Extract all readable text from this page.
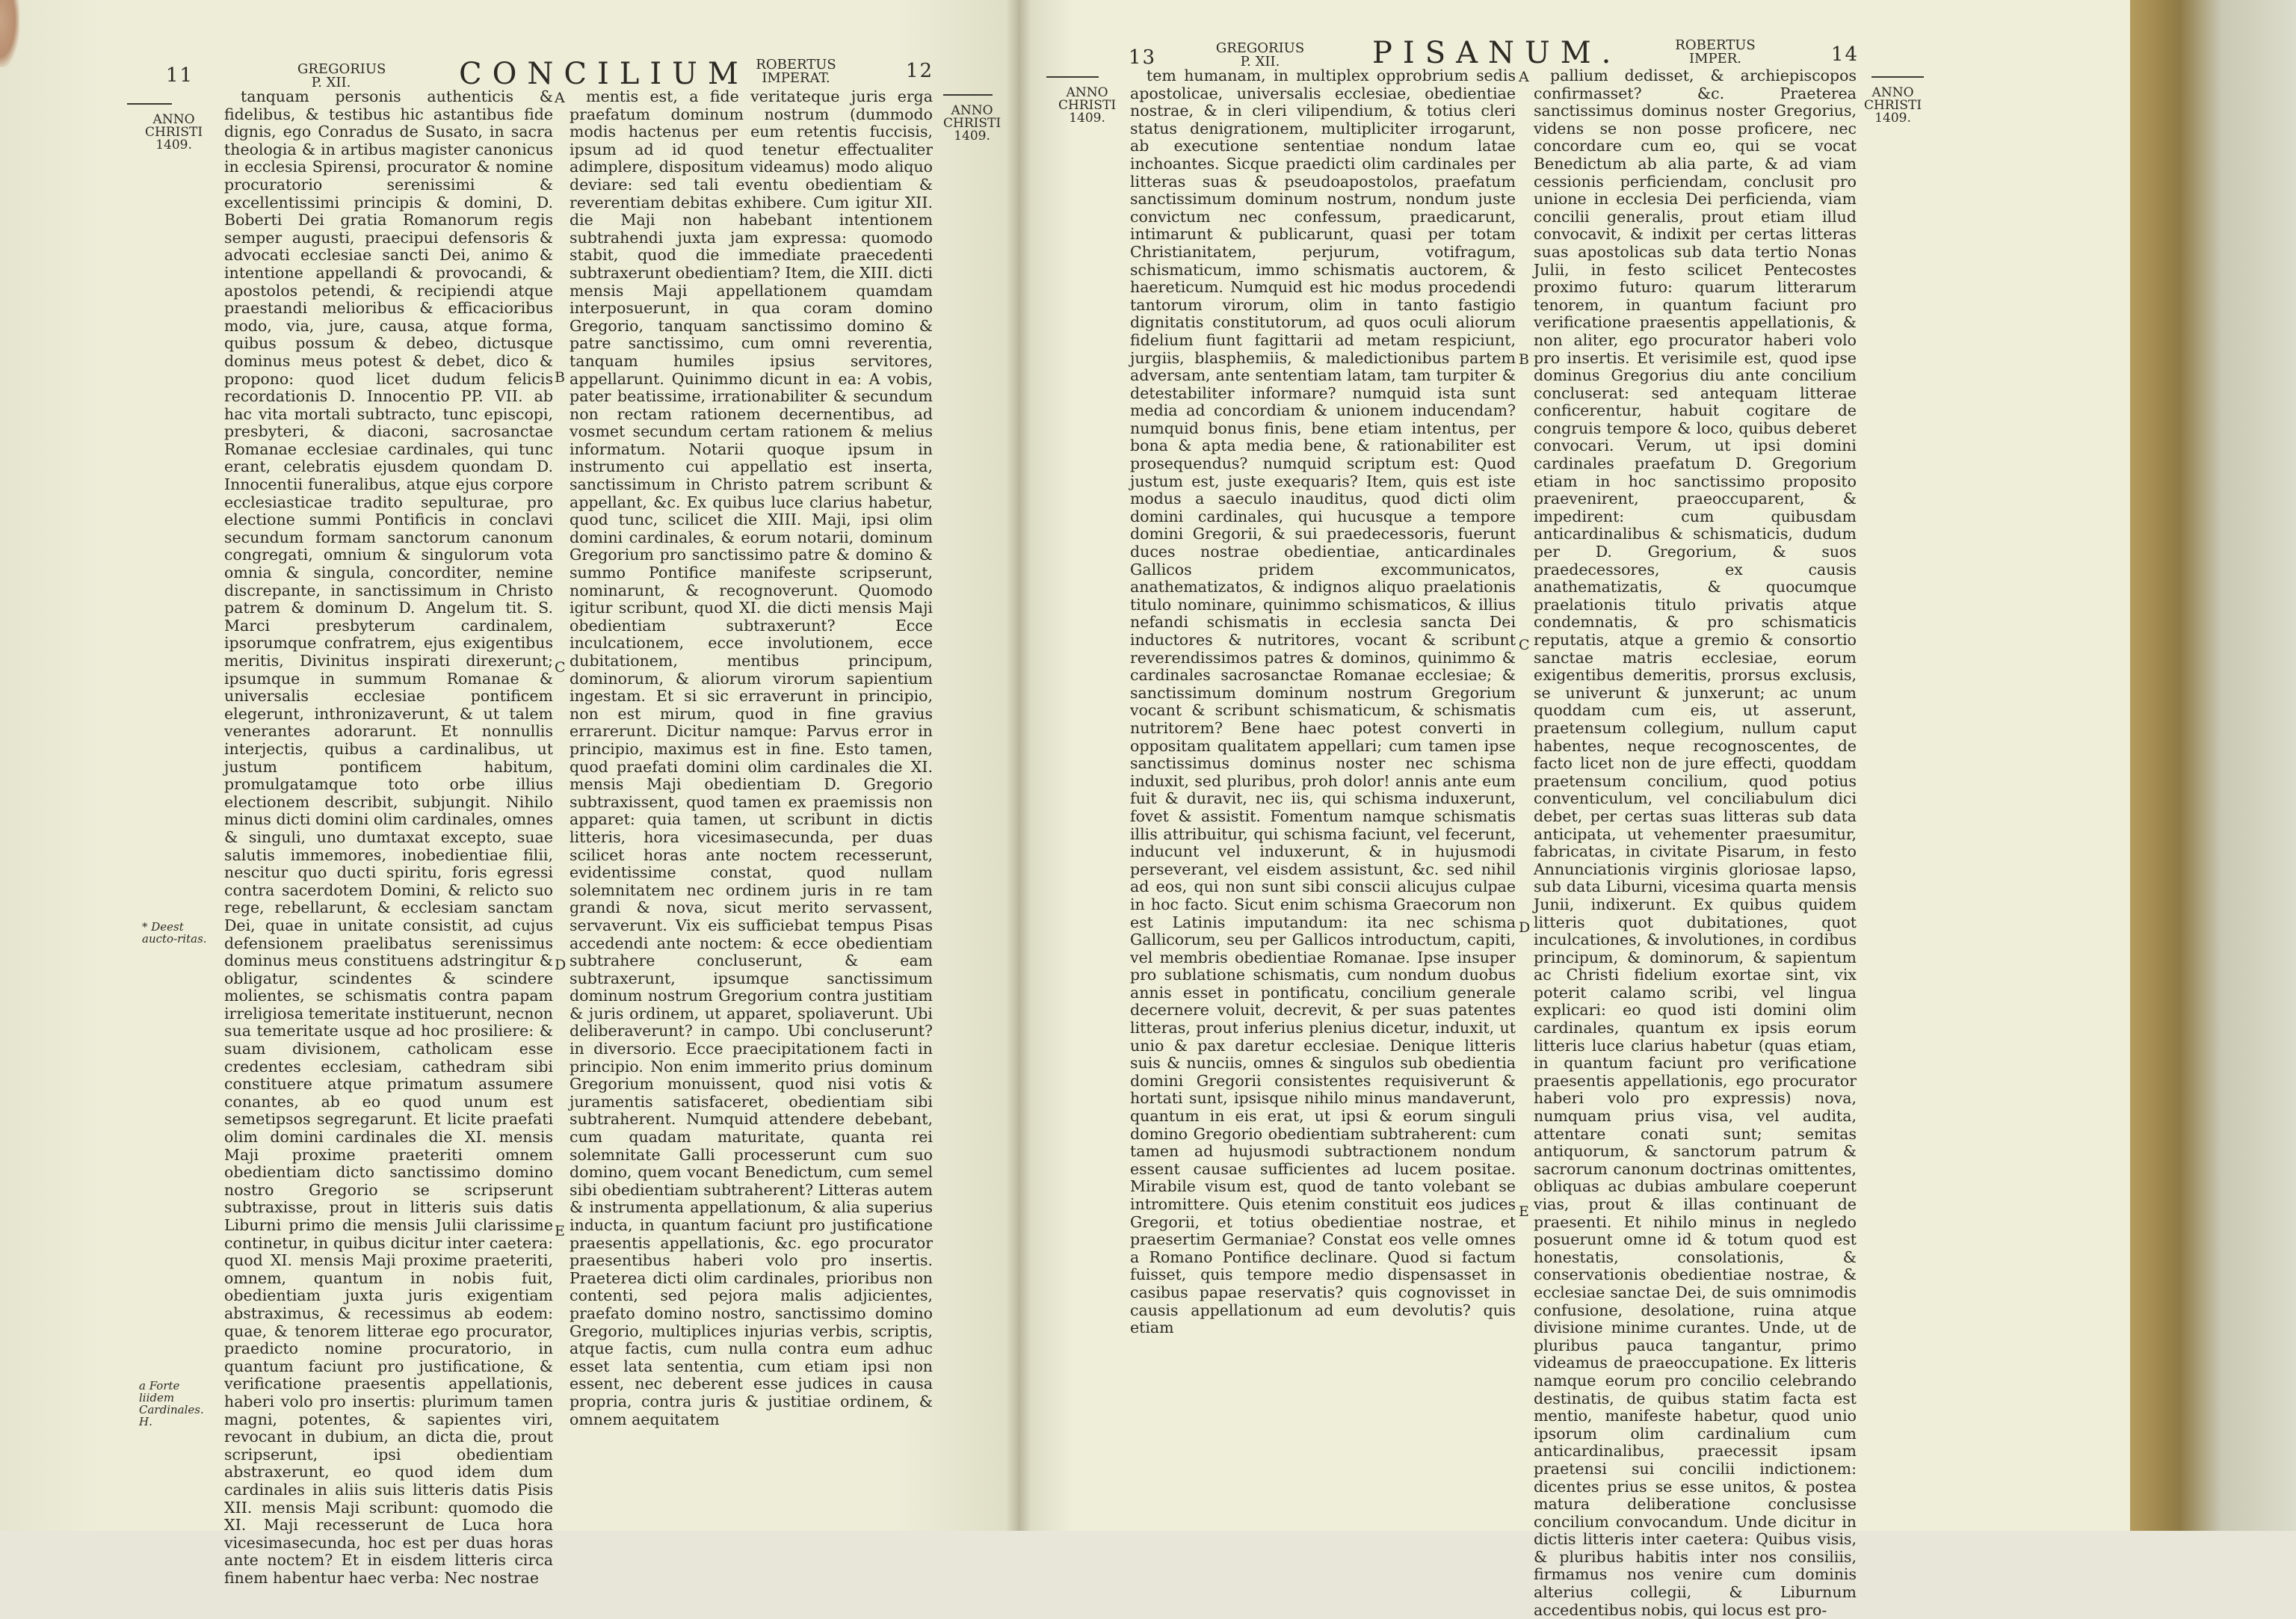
11	GREGORIUS
P. XII.	CONCILIUM ROBERTUS
IMPERAT.	12
ANNO
CHRISTI
1409.
ANNO
CHRISTI
1409.
* Deest aucto-ritas.
a Forte liidem Cardinales. H.
A
B
C
D
E

tanquam personis authenticis & fidelibus, & testibus hic astantibus fide dignis, ego Conradus de Susato, in sacra theologia & in artibus magister canonicus in ecclesia Spirensi, procurator & nomine procuratorio serenissimi & excellentissimi principis & domini, D. Boberti Dei gratia Romanorum regis semper augusti, praecipui defensoris & advocati ecclesiae sancti Dei, animo & intentione appellandi & provocandi, & apostolos petendi, & recipiendi atque praestandi melioribus & efficacioribus modo, via, jure, causa, atque forma, quibus possum & debeo, dictusque dominus meus potest & debet, dico & propono: quod licet dudum felicis recordationis D. Innocentio PP. VII. ab hac vita mortali subtracto, tunc episcopi, presbyteri, & diaconi, sacrosanctae Romanae ecclesiae cardinales, qui tunc erant, celebratis ejusdem quondam D. Innocentii funeralibus, atque ejus corpore ecclesiasticae tradito sepulturae, pro electione summi Pontificis in conclavi secundum formam sanctorum canonum congregati, omnium & singulorum vota omnia & singula, concorditer, nemine discrepante, in sanctissimum in Christo patrem & dominum D. Angelum tit. S. Marci presbyterum cardinalem, ipsorumque confratrem, ejus exigentibus meritis, Divinitus inspirati direxerunt; ipsumque in summum Romanae & universalis ecclesiae pontificem elegerunt, inthronizaverunt, & ut talem venerantes adorarunt. Et nonnullis interjectis, quibus a cardinalibus, ut justum pontificem habitum, promulgatamque toto orbe illius electionem describit, subjungit. Nihilo minus dicti domini olim cardinales, omnes & singuli, uno dumtaxat excepto, suae salutis immemores, inobedientiae filii, nescitur quo ducti spiritu, foris egressi contra sacerdotem Domini, & relicto suo rege, rebellarunt, & ecclesiam sanctam Dei, quae in unitate consistit, ad cujus defensionem praelibatus serenissimus dominus meus constituens adstringitur & obligatur, scindentes & scindere molientes, se schismatis contra papam irreligiosa temeritate instituerunt, necnon sua temeritate usque ad hoc prosiliere: & suam divisionem, catholicam esse credentes ecclesiam, cathedram sibi constituere atque primatum assumere conantes, ab eo quod unum est semetipsos segregarunt. Et licite praefati olim domini cardinales die XI. mensis Maji proxime praeteriti omnem obedientiam dicto sanctissimo domino nostro Gregorio se scripserunt subtraxisse, prout in litteris suis datis Liburni primo die mensis Julii clarissime continetur, in quibus dicitur inter caetera: quod XI. mensis Maji proxime praeteriti, omnem, quantum in nobis fuit, obedientiam juxta juris exigentiam abstraximus, & recessimus ab eodem: quae, & tenorem litterae ego procurator, praedicto nomine procuratorio, in quantum faciunt pro justificatione, & verificatione praesentis appellationis, haberi volo pro insertis: plurimum tamen magni, potentes, & sapientes viri, revocant in dubium, an dicta die, prout scripserunt, ipsi obedientiam abstraxerunt, eo quod idem dum cardinales in aliis suis litteris datis Pisis XII. mensis Maji scribunt: quomodo die XI. Maji recesserunt de Luca hora vicesimasecunda, hoc est per duas horas ante noctem? Et in eisdem litteris circa finem habentur haec verba: Nec nostrae

mentis est, a fide veritateque juris erga praefatum dominum nostrum (dummodo modis hactenus per eum retentis fuccisis, ipsum ad id quod tenetur effectualiter adimplere, dispositum videamus) modo aliquo deviare: sed tali eventu obedientiam & reverentiam debitas exhibere. Cum igitur XII. die Maji non habebant intentionem subtrahendi juxta jam expressa: quomodo stabit, quod die immediate praecedenti subtraxerunt obedientiam? Item, die XIII. dicti mensis Maji appellationem quamdam interposuerunt, in qua coram domino Gregorio, tanquam sanctissimo domino & patre sanctissimo, cum omni reverentia, tanquam humiles ipsius servitores, appellarunt. Quinimmo dicunt in ea: A vobis, pater beatissime, irrationabiliter & secundum non rectam rationem decernentibus, ad vosmet secundum certam rationem & melius informatum. Notarii quoque ipsum in instrumento cui appellatio est inserta, sanctissimum in Christo patrem scribunt & appellant, &c. Ex quibus luce clarius habetur, quod tunc, scilicet die XIII. Maji, ipsi olim domini cardinales, & eorum notarii, dominum Gregorium pro sanctissimo patre & domino & summo Pontifice manifeste scripserunt, nominarunt, & recognoverunt. Quomodo igitur scribunt, quod XI. die dicti mensis Maji obedientiam subtraxerunt? Ecce inculcationem, ecce involutionem, ecce dubitationem, mentibus principum, dominorum, & aliorum virorum sapientium ingestam. Et si sic erraverunt in principio, non est mirum, quod in fine gravius errarerunt. Dicitur namque: Parvus error in principio, maximus est in fine. Esto tamen, quod praefati domini olim cardinales die XI. mensis Maji obedientiam D. Gregorio subtraxissent, quod tamen ex praemissis non apparet: quia tamen, ut scribunt in dictis litteris, hora vicesimasecunda, per duas scilicet horas ante noctem recesserunt, evidentissime constat, quod nullam solemnitatem nec ordinem juris in re tam grandi & nova, sicut merito servassent, servaverunt. Vix eis sufficiebat tempus Pisas accedendi ante noctem: & ecce obedientiam subtrahere concluserunt, & eam subtraxerunt, ipsumque sanctissimum dominum nostrum Gregorium contra justitiam & juris ordinem, ut apparet, spoliaverunt. Ubi deliberaverunt? in campo. Ubi concluserunt? in diversorio. Ecce praecipitationem facti in principio. Non enim immerito prius dominum Gregorium monuissent, quod nisi votis & juramentis satisfaceret, obedientiam sibi subtraherent. Numquid attendere debebant, cum quadam maturitate, quanta rei solemnitate Galli processerunt cum suo domino, quem vocant Benedictum, cum semel sibi obedientiam subtraherent? Litteras autem & instrumenta appellationum, & alia superius inducta, in quantum faciunt pro justificatione praesentis appellationis, &c. ego procurator praesentibus haberi volo pro insertis. Praeterea dicti olim cardinales, prioribus non contenti, sed pejora malis adjicientes, praefato domino nostro, sanctissimo domino Gregorio, multiplices injurias verbis, scriptis, atque factis, cum nulla contra eum adhuc esset lata sententia, cum etiam ipsi non essent, nec deberent esse judices in causa propria, contra juris & justitiae ordinem, & omnem aequitatem

13	GREGORIUS
P. XII.	PISANUM.	ROBERTUS
IMPER.	14
ANNO
CHRISTI
1409.
ANNO
CHRISTI
1409.
A
B
C
D
E

tem humanam, in multiplex opprobrium sedis apostolicae, universalis ecclesiae, obedientiae nostrae, & in cleri vilipendium, & totius cleri status denigrationem, multipliciter irrogarunt, ab executione sententiae nondum latae inchoantes. Sicque praedicti olim cardinales per litteras suas & pseudoapostolos, praefatum sanctissimum dominum nostrum, nondum juste convictum nec confessum, praedicarunt, intimarunt & publicarunt, quasi per totam Christianitatem, perjurum, votifragum, schismaticum, immo schismatis auctorem, & haereticum. Numquid est hic modus procedendi tantorum virorum, olim in tanto fastigio dignitatis constitutorum, ad quos oculi aliorum fidelium fiunt fagittarii ad metam respiciunt, jurgiis, blasphemiis, & maledictionibus partem adversam, ante sententiam latam, tam turpiter & detestabiliter informare? numquid ista sunt media ad concordiam & unionem inducendam? numquid bonus finis, bene etiam intentus, per bona & apta media bene, & rationabiliter est prosequendus? numquid scriptum est: Quod justum est, juste exequaris? Item, quis est iste modus a saeculo inauditus, quod dicti olim domini cardinales, qui hucusque a tempore domini Gregorii, & sui praedecessoris, fuerunt duces nostrae obedientiae, anticardinales Gallicos pridem excommunicatos, anathematizatos, & indignos aliquo praelationis titulo nominare, quinimmo schismaticos, & illius nefandi schismatis in ecclesia sancta Dei inductores & nutritores, vocant & scribunt reverendissimos patres & dominos, quinimmo & cardinales sacrosanctae Romanae ecclesiae; & sanctissimum dominum nostrum Gregorium vocant & scribunt schismaticum, & schismatis nutritorem? Bene haec potest converti in oppositam qualitatem appellari; cum tamen ipse sanctissimus dominus noster nec schisma induxit, sed pluribus, proh dolor! annis ante eum fuit & duravit, nec iis, qui schisma induxerunt, fovet & assistit. Fomentum namque schismatis illis attribuitur, qui schisma faciunt, vel fecerunt, inducunt vel induxerunt, & in hujusmodi perseverant, vel eisdem assistunt, &c. sed nihil ad eos, qui non sunt sibi conscii alicujus culpae in hoc facto. Sicut enim schisma Graecorum non est Latinis imputandum: ita nec schisma Gallicorum, seu per Gallicos introductum, capiti, vel membris obedientiae Romanae. Ipse insuper pro sublatione schismatis, cum nondum duobus annis esset in pontificatu, concilium generale decernere voluit, decrevit, & per suas patentes litteras, prout inferius plenius dicetur, induxit, ut unio & pax daretur ecclesiae. Denique litteris suis & nunciis, omnes & singulos sub obedientia domini Gregorii consistentes requisiverunt & hortati sunt, ipsisque nihilo minus mandaverunt, quantum in eis erat, ut ipsi & eorum singuli domino Gregorio obedientiam subtraherent: cum tamen ad hujusmodi subtractionem nondum essent causae sufficientes ad lucem positae. Mirabile visum est, quod de tanto volebant se intromittere. Quis etenim constituit eos judices Gregorii, et totius obedientiae nostrae, et praesertim Germaniae? Constat eos velle omnes a Romano Pontifice declinare. Quod si factum fuisset, quis tempore medio dispensasset in casibus papae reservatis? quis cognovisset in causis appellationum ad eum devolutis? quis etiam

pallium dedisset, & archiepiscopos confirmasset? &c. Praeterea sanctissimus dominus noster Gregorius, videns se non posse proficere, nec concordare cum eo, qui se vocat Benedictum ab alia parte, & ad viam cessionis perficiendam, conclusit pro unione in ecclesia Dei perficienda, viam concilii generalis, prout etiam illud convocavit, & indixit per certas litteras suas apostolicas sub data tertio Nonas Julii, in festo scilicet Pentecostes proximo futuro: quarum litterarum tenorem, in quantum faciunt pro verificatione praesentis appellationis, & non aliter, ego procurator haberi volo pro insertis. Et verisimile est, quod ipse dominus Gregorius diu ante concilium concluserat: sed antequam litterae conficerentur, habuit cogitare de congruis tempore & loco, quibus deberet convocari. Verum, ut ipsi domini cardinales praefatum D. Gregorium etiam in hoc sanctissimo proposito praevenirent, praeoccuparent, & impedirent: cum quibusdam anticardinalibus & schismaticis, dudum per D. Gregorium, & suos praedecessores, ex causis anathematizatis, & quocumque praelationis titulo privatis atque condemnatis, & pro schismaticis reputatis, atque a gremio & consortio sanctae matris ecclesiae, eorum exigentibus demeritis, prorsus exclusis, se univerunt & junxerunt; ac unum quoddam cum eis, ut asserunt, praetensum collegium, nullum caput habentes, neque recognoscentes, de facto licet non de jure effecti, quoddam praetensum concilium, quod potius conventiculum, vel conciliabulum dici debet, per certas suas litteras sub data anticipata, ut vehementer praesumitur, fabricatas, in civitate Pisarum, in festo Annunciationis virginis gloriosae lapso, sub data Liburni, vicesima quarta mensis Junii, indixerunt. Ex quibus quidem litteris quot dubitationes, quot inculcationes, & involutiones, in cordibus principum, & dominorum, & sapientum ac Christi fidelium exortae sint, vix poterit calamo scribi, vel lingua explicari: eo quod isti domini olim cardinales, quantum ex ipsis eorum litteris luce clarius habetur (quas etiam, in quantum faciunt pro verificatione praesentis appellationis, ego procurator haberi volo pro expressis) nova, numquam prius visa, vel audita, attentare conati sunt; semitas antiquorum, & sanctorum patrum & sacrorum canonum doctrinas omittentes, obliquas ac dubias ambulare coeperunt vias, prout & illas continuant de praesenti. Et nihilo minus in negledo posuerunt omne id & totum quod est honestatis, consolationis, & conservationis obedientiae nostrae, & ecclesiae sanctae Dei, de suis omnimodis confusione, desolatione, ruina atque divisione minime curantes. Unde, ut de pluribus pauca tangantur, primo videamus de praeoccupatione. Ex litteris namque eorum pro concilio celebrando destinatis, de quibus statim facta est mentio, manifeste habetur, quod unio ipsorum olim cardinalium cum anticardinalibus, praecessit ipsam praetensi sui concilii indictionem: dicentes prius se esse unitos, & postea matura deliberatione conclusisse concilium convocandum. Unde dicitur in dictis litteris inter caetera: Quibus visis, & pluribus habitis inter nos consiliis, firmamus nos venire cum dominis alterius collegii, & Liburnum accedentibus nobis, qui locus est pro-
